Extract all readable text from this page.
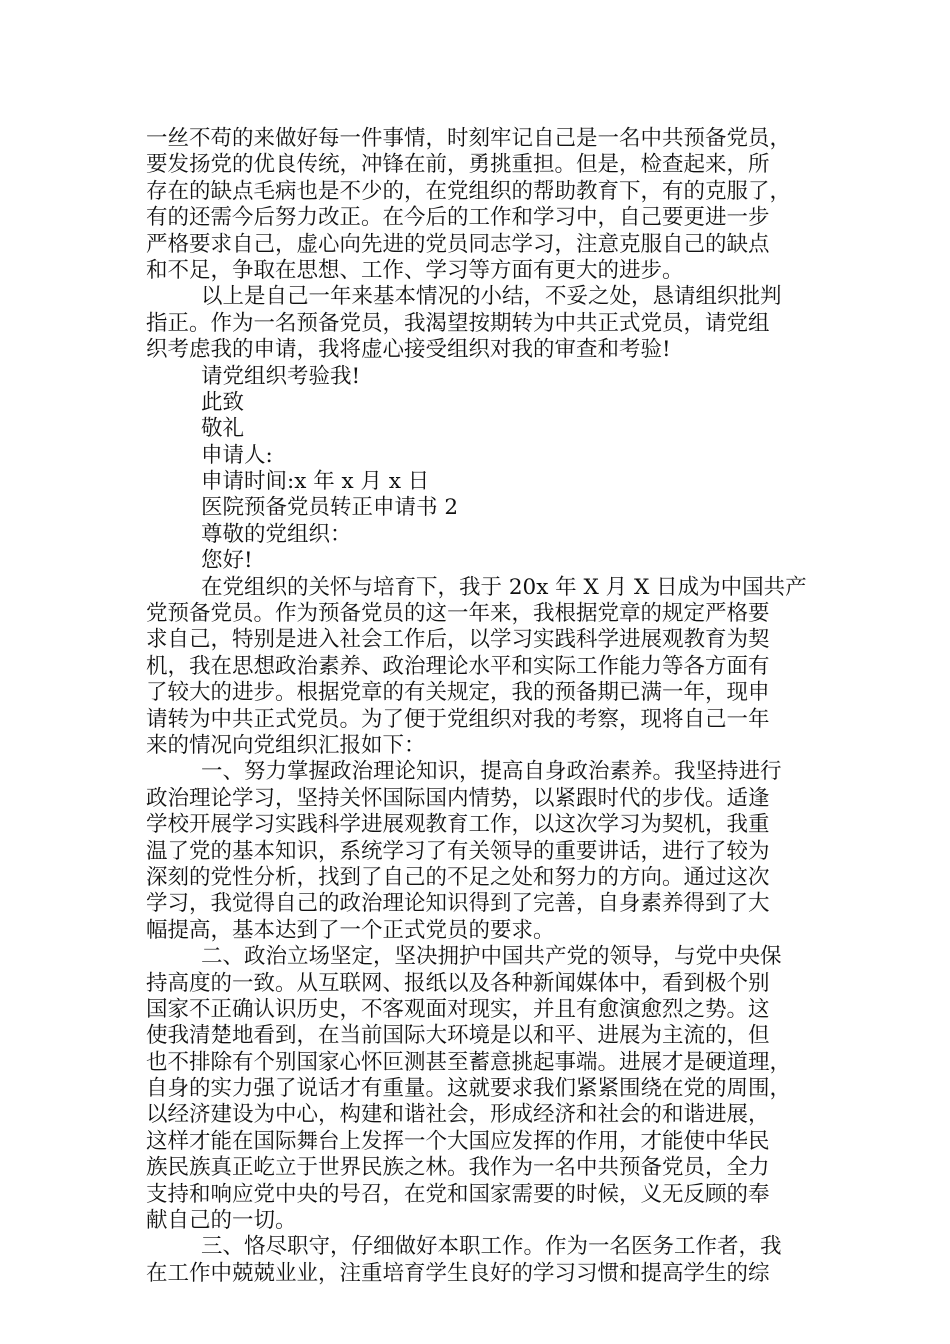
一丝不苟的来做好每一件事情，时刻牢记自己是一名中共预备党员，
要发扬党的优良传统，冲锋在前，勇挑重担。但是，检查起来，所
存在的缺点毛病也是不少的，在党组织的帮助教育下，有的克服了，
有的还需今后努力改正。在今后的工作和学习中，自己要更进一步
严格要求自己，虚心向先进的党员同志学习，注意克服自己的缺点
和不足，争取在思想、工作、学习等方面有更大的进步。
以上是自己一年来基本情况的小结，不妥之处，恳请组织批判
指正。作为一名预备党员，我渴望按期转为中共正式党员，请党组
织考虑我的申请，我将虚心接受组织对我的审查和考验!
请党组织考验我!
此致
敬礼
申请人:
申请时间:x 年 x 月 x 日
医院预备党员转正申请书 2
尊敬的党组织：
您好!
在党组织的关怀与培育下，我于 20x 年 X 月 X 日成为中国共产
党预备党员。作为预备党员的这一年来，我根据党章的规定严格要
求自己，特别是进入社会工作后，以学习实践科学进展观教育为契
机，我在思想政治素养、政治理论水平和实际工作能力等各方面有
了较大的进步。根据党章的有关规定，我的预备期已满一年，现申
请转为中共正式党员。为了便于党组织对我的考察，现将自己一年
来的情况向党组织汇报如下：
一、努力掌握政治理论知识，提高自身政治素养。我坚持进行
政治理论学习，坚持关怀国际国内情势，以紧跟时代的步伐。适逢
学校开展学习实践科学进展观教育工作，以这次学习为契机，我重
温了党的基本知识，系统学习了有关领导的重要讲话，进行了较为
深刻的党性分析，找到了自己的不足之处和努力的方向。通过这次
学习，我觉得自己的政治理论知识得到了完善，自身素养得到了大
幅提高，基本达到了一个正式党员的要求。
二、政治立场坚定，坚决拥护中国共产党的领导，与党中央保
持高度的一致。从互联网、报纸以及各种新闻媒体中，看到极个别
国家不正确认识历史，不客观面对现实，并且有愈演愈烈之势。这
使我清楚地看到，在当前国际大环境是以和平、进展为主流的，但
也不排除有个别国家心怀叵测甚至蓄意挑起事端。进展才是硬道理，
自身的实力强了说话才有重量。这就要求我们紧紧围绕在党的周围，
以经济建设为中心，构建和谐社会，形成经济和社会的和谐进展，
这样才能在国际舞台上发挥一个大国应发挥的作用，才能使中华民
族民族真正屹立于世界民族之林。我作为一名中共预备党员，全力
支持和响应党中央的号召，在党和国家需要的时候，义无反顾的奉
献自己的一切。
三、恪尽职守，仔细做好本职工作。作为一名医务工作者，我
在工作中兢兢业业，注重培育学生良好的学习习惯和提高学生的综
